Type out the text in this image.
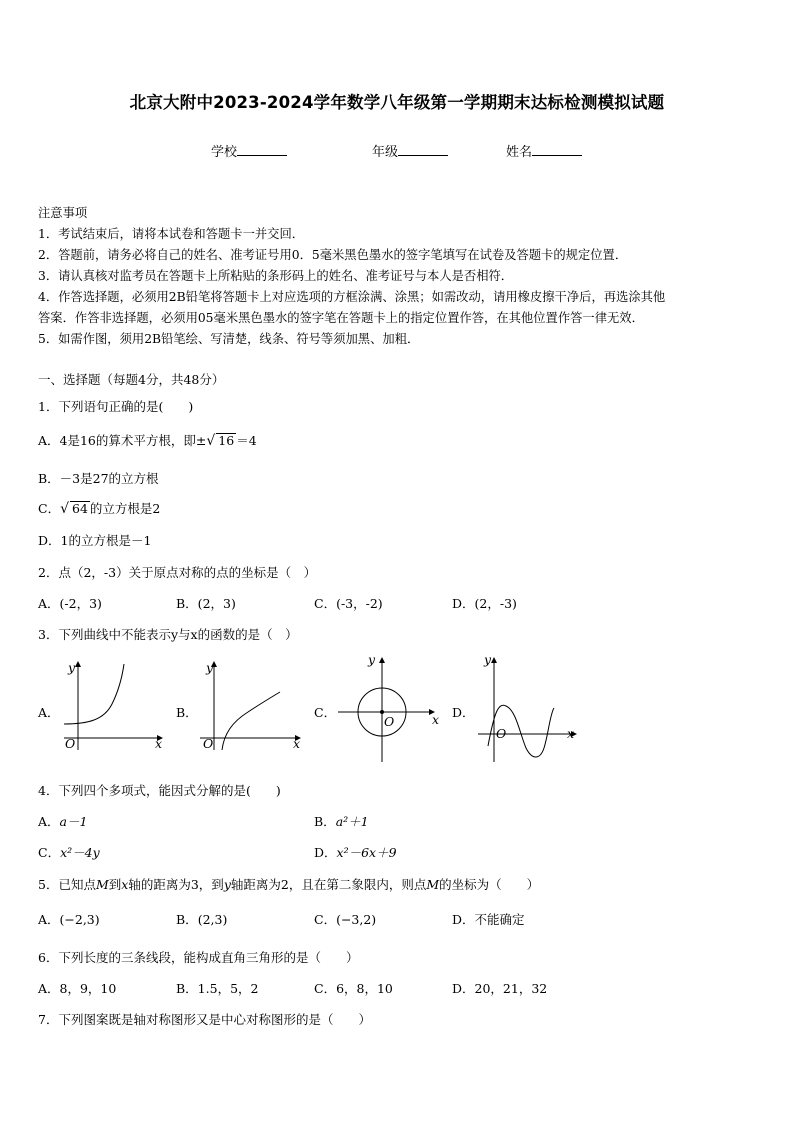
北京大附中2023-2024学年数学八年级第一学期期末达标检测模拟试题
学校	年级	姓名
注意事项
1．考试结束后，请将本试卷和答题卡一并交回．
2．答题前，请务必将自己的姓名、准考证号用0．5毫米黑色墨水的签字笔填写在试卷及答题卡的规定位置．
3．请认真核对监考员在答题卡上所粘贴的条形码上的姓名、准考证号与本人是否相符．
4．作答选择题，必须用2B铅笔将答题卡上对应选项的方框涂满、涂黑；如需改动，请用橡皮擦干净后，再选涂其他
答案．作答非选择题，必须用05毫米黑色墨水的签字笔在答题卡上的指定位置作答，在其他位置作答一律无效．
5．如需作图，须用2B铅笔绘、写清楚，线条、符号等须加黑、加粗．
一、选择题（每题4分，共48分）
1．下列语句正确的是(　　)
A．4是16的算术平方根，即±√ 16 ＝4
B．－3是27的立方根
C．√ 64 的立方根是2
D．1的立方根是－1
2．点（2，-3）关于原点对称的点的坐标是（　）
A．(-2，3)	B．(2，3)	C．(-3，-2)	D．(2，-3)
3．下列曲线中不能表示y与x的函数的是（　）
A．
y
O	x
B．
y
O	x
C．
y
O	x D．
y
O	x
4．下列四个多项式，能因式分解的是(　　)
A．a－1	B．a²＋1
C．x²－4y	D．x²－6x＋9
5．已知点M到x轴的距离为3，到y轴距离为2，且在第二象限内，则点M的坐标为（　　）
A．(−2,3)	B．(2,3)	C．(−3,2)	D．不能确定
6．下列长度的三条线段，能构成直角三角形的是（　　）
A．8，9，10	B．1.5，5，2	C．6，8，10	D．20，21，32
7．下列图案既是轴对称图形又是中心对称图形的是（　　）
